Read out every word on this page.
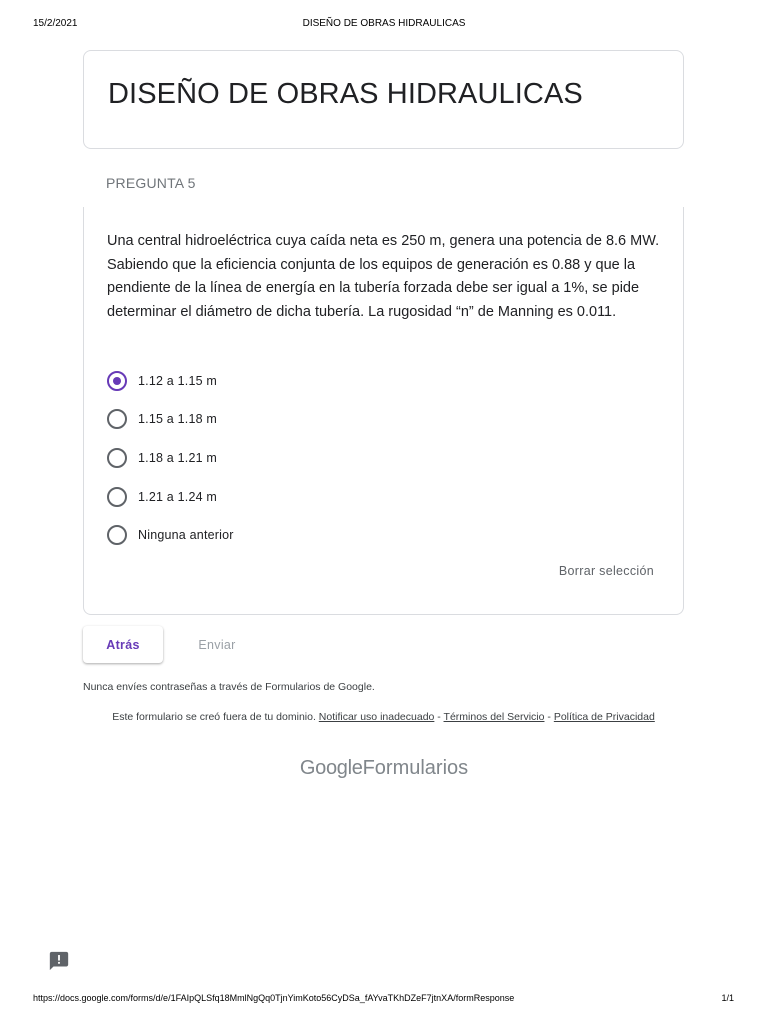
15/2/2021	DISEÑO DE OBRAS HIDRAULICAS
DISEÑO DE OBRAS HIDRAULICAS
PREGUNTA 5
Una central hidroeléctrica cuya caída neta es 250 m, genera una potencia de 8.6 MW. Sabiendo que la eficiencia conjunta de los equipos de generación es 0.88 y que la pendiente de la línea de energía en la tubería forzada debe ser igual a 1%, se pide determinar el diámetro de dicha tubería. La rugosidad “n” de Manning es 0.011.
1.12 a 1.15 m
1.15 a 1.18 m
1.18 a 1.21 m
1.21 a 1.24 m
Ninguna anterior
Borrar selección
Atrás	Enviar
Nunca envíes contraseñas a través de Formularios de Google.
Este formulario se creó fuera de tu dominio. Notificar uso inadecuado - Términos del Servicio - Política de Privacidad
GoogleFormularios
https://docs.google.com/forms/d/e/1FAIpQLSfq18MmlNgQq0TjnYimKoto56CyDSa_fAYvaTKhDZeF7jtnXA/formResponse	1/1
